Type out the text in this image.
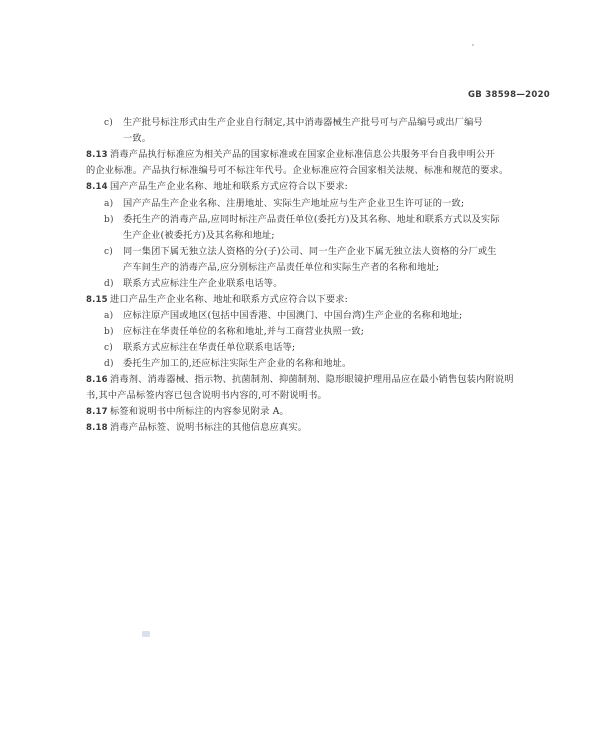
GB 38598—2020
c) 生产批号标注形式由生产企业自行制定,其中消毒器械生产批号可与产品编号或出厂编号
一致。
8.13 消毒产品执行标准应为相关产品的国家标准或在国家企业标准信息公共服务平台自我申明公开
的企业标准。产品执行标准编号可不标注年代号。企业标准应符合国家相关法规、标准和规范的要求。
8.14 国产产品生产企业名称、地址和联系方式应符合以下要求:
a) 国产产品生产企业名称、注册地址、实际生产地址应与生产企业卫生许可证的一致;
b) 委托生产的消毒产品,应同时标注产品责任单位(委托方)及其名称、地址和联系方式以及实际
生产企业(被委托方)及其名称和地址;
c) 同一集团下属无独立法人资格的分(子)公司、同一生产企业下属无独立法人资格的分厂或生
产车间生产的消毒产品,应分别标注产品责任单位和实际生产者的名称和地址;
d) 联系方式应标注生产企业联系电话等。
8.15 进口产品生产企业名称、地址和联系方式应符合以下要求:
a) 应标注原产国或地区(包括中国香港、中国澳门、中国台湾)生产企业的名称和地址;
b) 应标注在华责任单位的名称和地址,并与工商营业执照一致;
c) 联系方式应标注在华责任单位联系电话等;
d) 委托生产加工的,还应标注实际生产企业的名称和地址。
8.16 消毒剂、消毒器械、指示物、抗菌制剂、抑菌制剂、隐形眼镜护理用品应在最小销售包装内附说明
书,其中产品标签内容已包含说明书内容的,可不附说明书。
8.17 标签和说明书中所标注的内容参见附录 A。
8.18 消毒产品标签、说明书标注的其他信息应真实。
